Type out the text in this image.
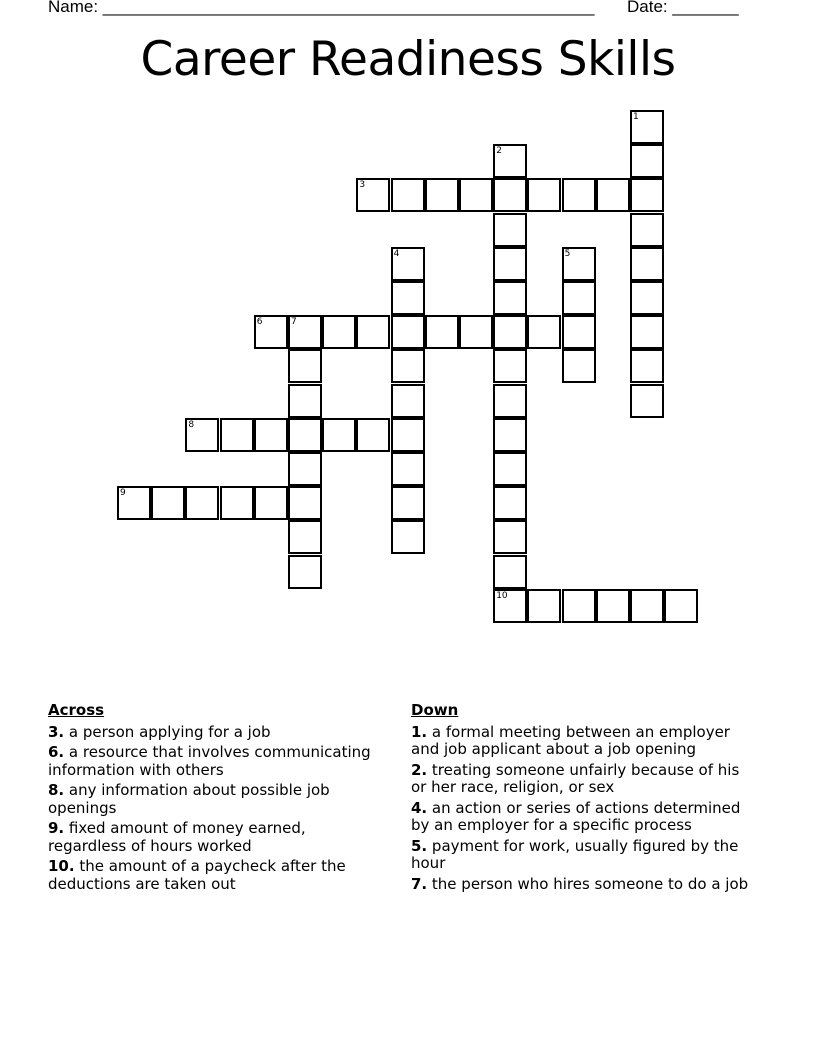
Name: ____________________________________________________ Date: _______
Career Readiness Skills
1
2
10
3
4	5
6	7
8
9
Across
3. a person applying for a job
6. a resource that involves communicating information with others
8. any information about possible job openings
9. fixed amount of money earned, regardless of hours worked
10. the amount of a paycheck after the deductions are taken out
Down
1. a formal meeting between an employer and job applicant about a job opening
2. treating someone unfairly because of his or her race, religion, or sex
4. an action or series of actions determined by an employer for a specific process
5. payment for work, usually figured by the hour
7. the person who hires someone to do a job
